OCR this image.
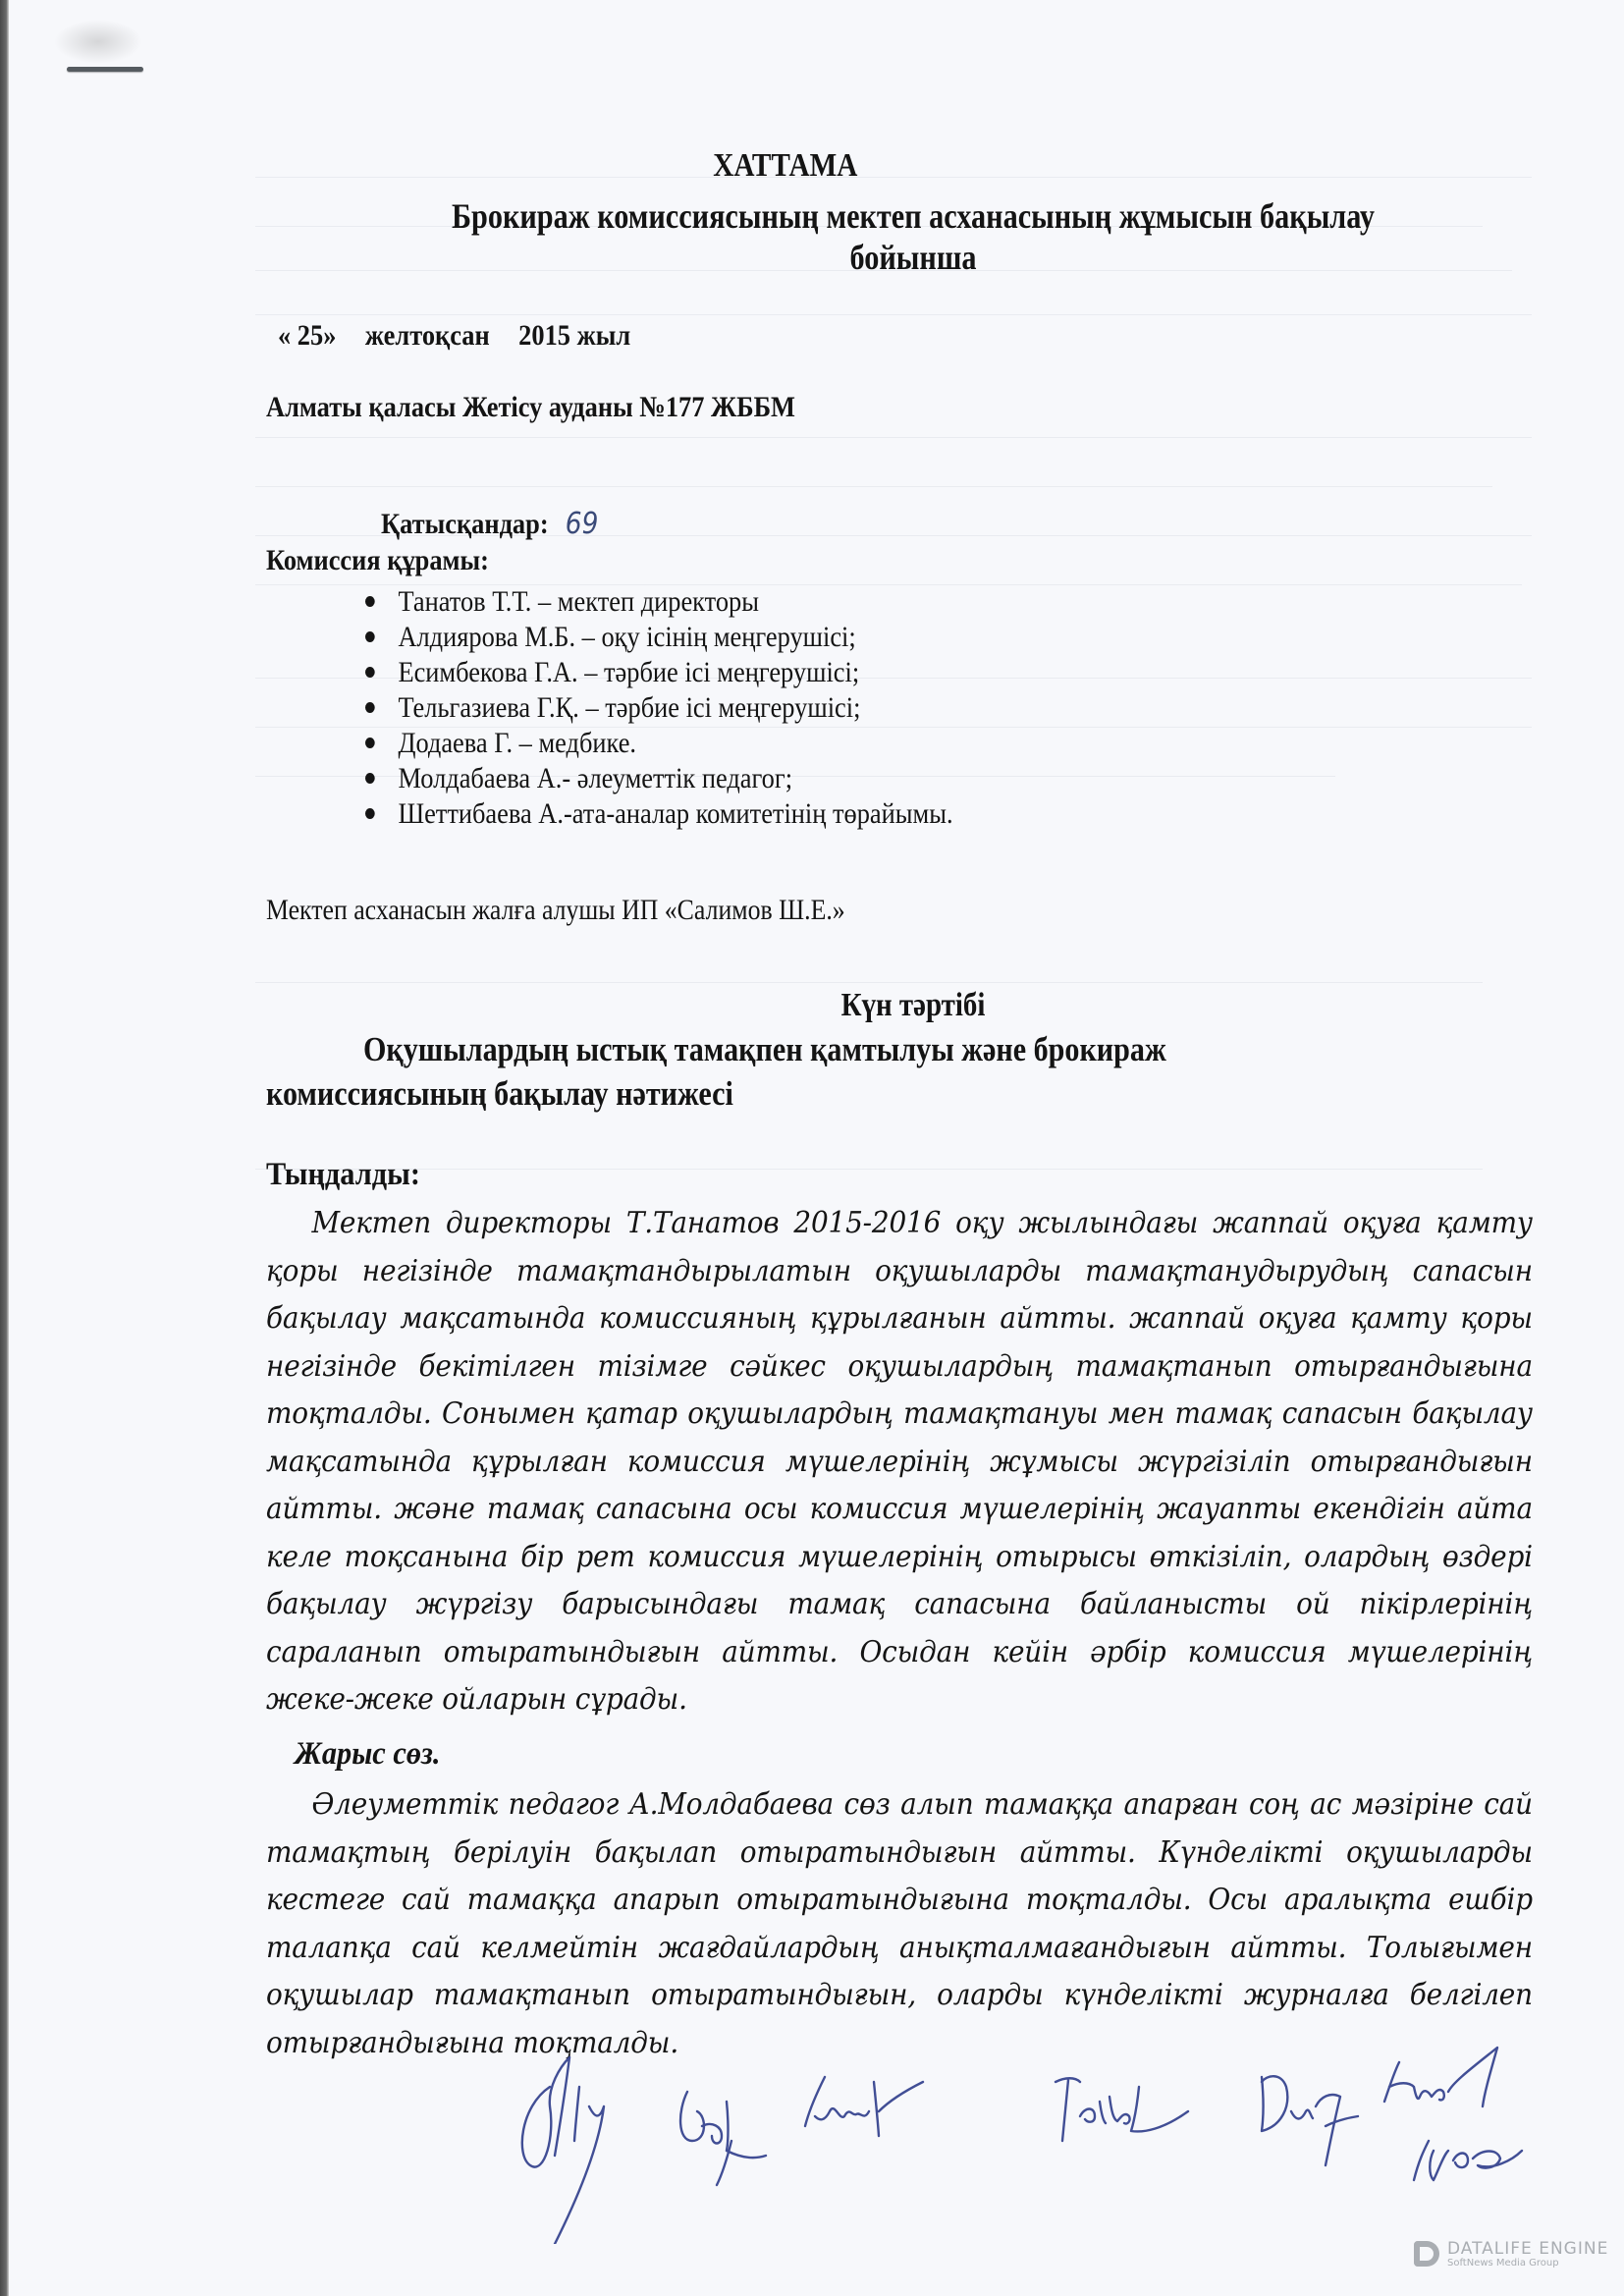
ХАТТАМА
Брокираж комиссиясының мектеп асханасының жұмысын бақылау
бойынша
« 25» желтоқсан 2015 жыл
Алматы қаласы Жетісу ауданы №177 ЖББМ
Қатысқандар: 69
Комиссия құрамы:
Танатов Т.Т. – мектеп директоры
Алдиярова М.Б. – оқу ісінің меңгерушісі;
Есимбекова Г.А. – тәрбие ісі меңгерушісі;
Тельгазиева Г.Қ. – тәрбие ісі меңгерушісі;
Додаева Г. – медбике.
Молдабаева А.- әлеуметтік педагог;
Шеттибаева А.-ата-аналар комитетінің төрайымы.
Мектеп асханасын жалға алушы ИП «Салимов Ш.Е.»
Күн тәртібі
Оқушылардың ыстық тамақпен қамтылуы және брокираж
комиссиясының бақылау нәтижесі
Тыңдалды:
Мектеп директоры Т.Танатов 2015-2016 оқу жылындағы жаппай оқуға қамту қоры негізінде тамақтандырылатын оқушыларды тамақтанудырудың сапасын бақылау мақсатында комиссияның құрылғанын айтты. жаппай оқуға қамту қоры негізінде бекітілген тізімге сәйкес оқушылардың тамақтанып отырғандығына тоқталды. Сонымен қатар оқушылардың тамақтануы мен тамақ сапасын бақылау мақсатында құрылған комиссия мүшелерінің жұмысы жүргізіліп отырғандығын айтты. және тамақ сапасына осы комиссия мүшелерінің жауапты екендігін айта келе тоқсанына бір рет комиссия мүшелерінің отырысы өткізіліп, олардың өздері бақылау жүргізу барысындағы тамақ сапасына байланысты ой пікірлерінің сараланып отыратындығын айтты. Осыдан кейін әрбір комиссия мүшелерінің жеке-жеке ойларын сұрады.
Жарыс сөз.
Әлеуметтік педагог А.Молдабаева сөз алып тамаққа апарған соң ас мәзіріне сай тамақтың берілуін бақылап отыратындығын айтты. Күнделікті оқушыларды кестеге сай тамаққа апарып отыратындығына тоқталды. Осы аралықта ешбір талапқа сай келмейтін жағдайлардың анықталмағандығын айтты. Толығымен оқушылар тамақтанып отыратындығын, оларды күнделікті журналға белгілеп отырғандығына тоқталды.
DATALIFE ENGINE
SoftNews Media Group
